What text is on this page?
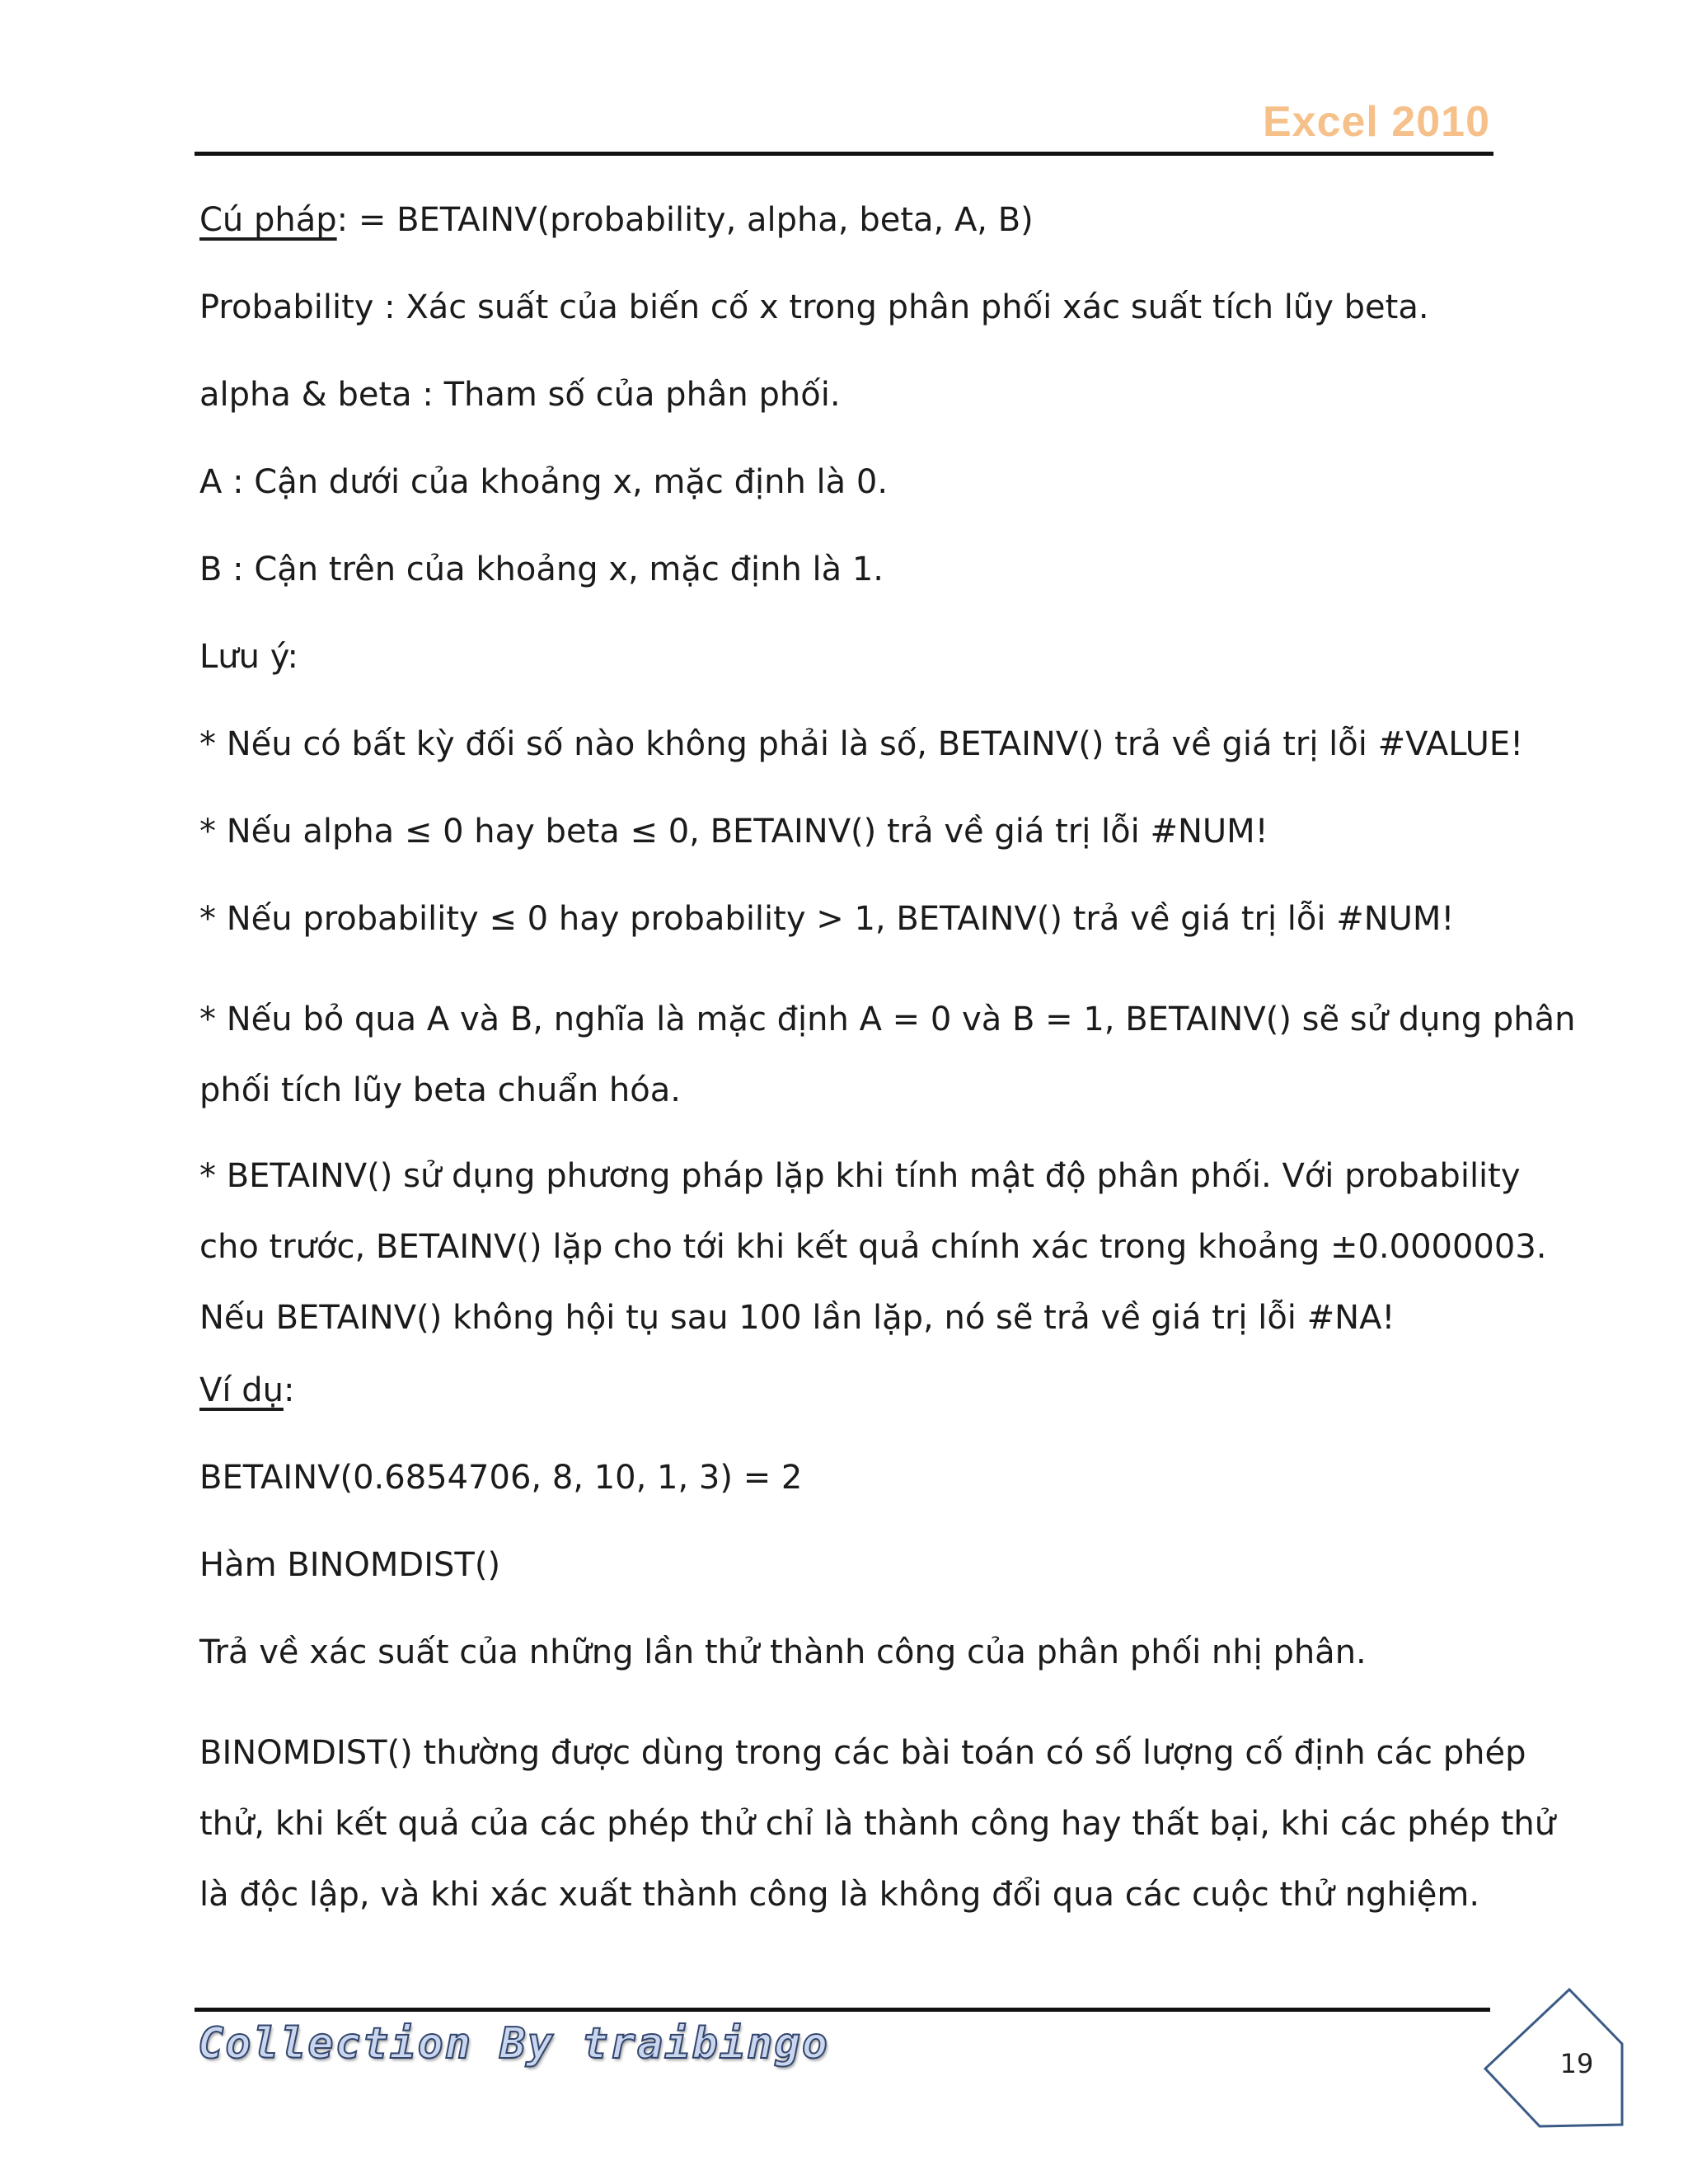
Excel 2010

Cú pháp: = BETAINV(probability, alpha, beta, A, B)

Probability : Xác suất của biến cố x trong phân phối xác suất tích lũy beta.

alpha & beta : Tham số của phân phối.

A : Cận dưới của khoảng x, mặc định là 0.

B : Cận trên của khoảng x, mặc định là 1.

Lưu ý:

* Nếu có bất kỳ đối số nào không phải là số, BETAINV() trả về giá trị lỗi #VALUE!

* Nếu alpha ≤ 0 hay beta ≤ 0, BETAINV() trả về giá trị lỗi #NUM!

* Nếu probability ≤ 0 hay probability > 1, BETAINV() trả về giá trị lỗi #NUM!

* Nếu bỏ qua A và B, nghĩa là mặc định A = 0 và B = 1, BETAINV() sẽ sử dụng phân
phối tích lũy beta chuẩn hóa.

* BETAINV() sử dụng phương pháp lặp khi tính mật độ phân phối. Với probability
cho trước, BETAINV() lặp cho tới khi kết quả chính xác trong khoảng ±0.0000003.
Nếu BETAINV() không hội tụ sau 100 lần lặp, nó sẽ trả về giá trị lỗi #NA!

Ví dụ:

BETAINV(0.6854706, 8, 10, 1, 3) = 2

Hàm BINOMDIST()

Trả về xác suất của những lần thử thành công của phân phối nhị phân.

BINOMDIST() thường được dùng trong các bài toán có số lượng cố định các phép
thử, khi kết quả của các phép thử chỉ là thành công hay thất bại, khi các phép thử
là độc lập, và khi xác xuất thành công là không đổi qua các cuộc thử nghiệm.

Collection By traibingo	19
